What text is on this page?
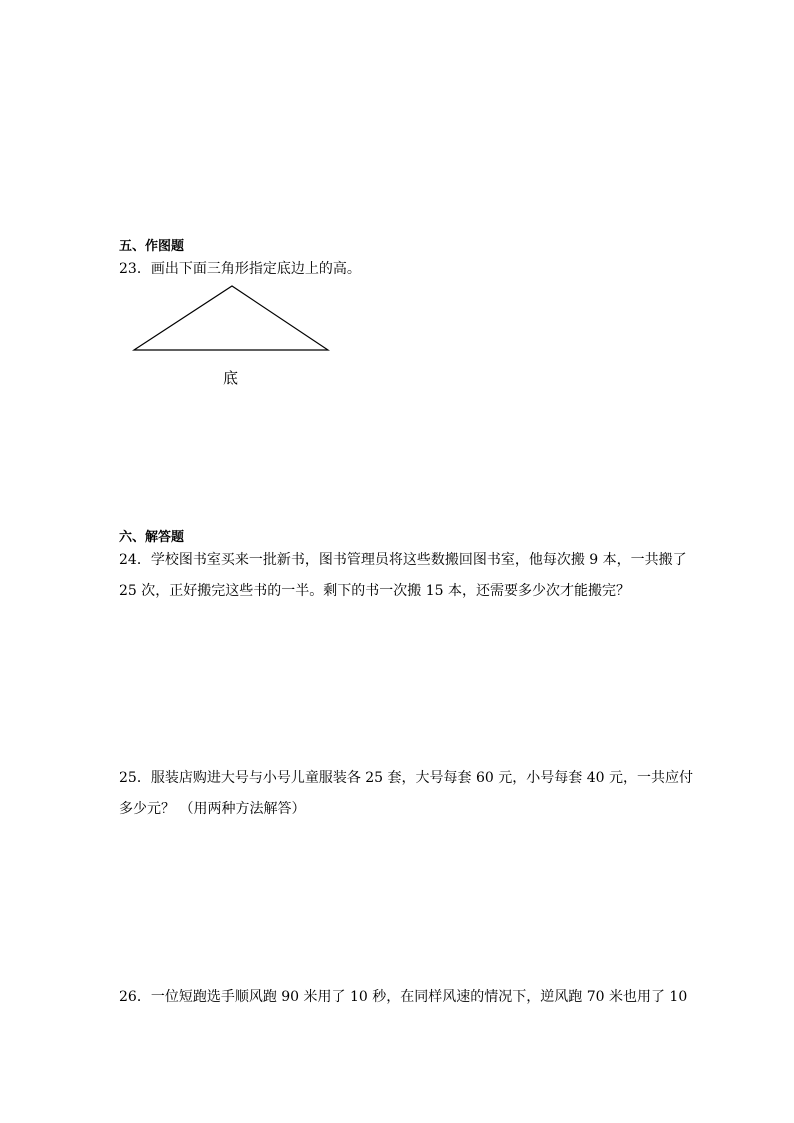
五、作图题
23．画出下面三角形指定底边上的高。
底
六、解答题
24．学校图书室买来一批新书，图书管理员将这些数搬回图书室，他每次搬 9 本，一共搬了
25 次，正好搬完这些书的一半。剩下的书一次搬 15 本，还需要多少次才能搬完？
25．服装店购进大号与小号儿童服装各 25 套，大号每套 60 元，小号每套 40 元，一共应付
多少元？ （用两种方法解答）
26．一位短跑选手顺风跑 90 米用了 10 秒，在同样风速的情况下，逆风跑 70 米也用了 10
